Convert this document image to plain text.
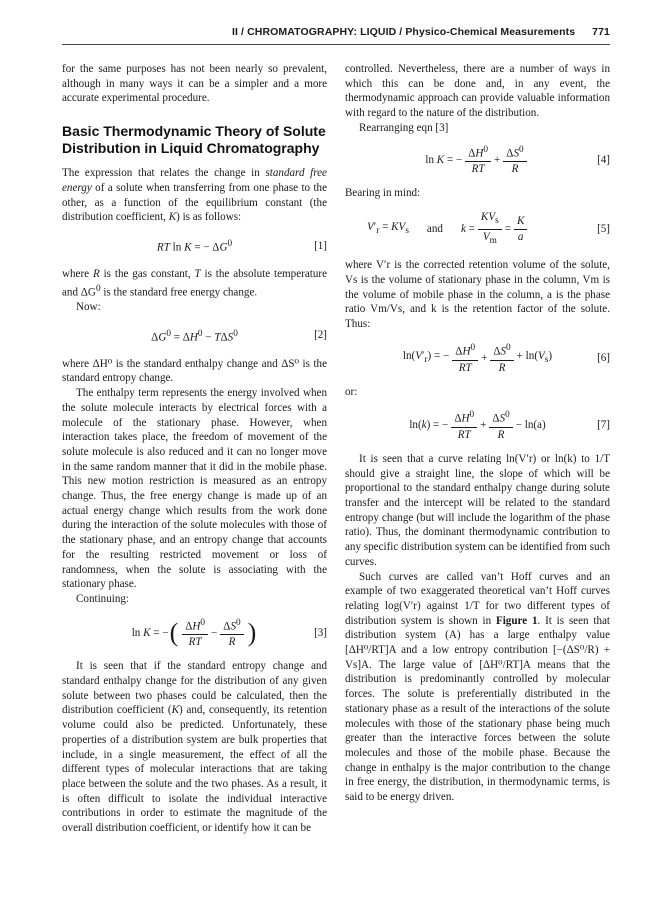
II / CHROMATOGRAPHY: LIQUID / Physico-Chemical Measurements 771

for the same purposes has not been nearly so prevalent, although in many ways it can be a simpler and a more accurate experimental procedure.

Basic Thermodynamic Theory of Solute Distribution in Liquid Chromatography

The expression that relates the change in standard free energy of a solute when transferring from one phase to the other, as a function of the equilibrium constant (the distribution coefficient, K) is as follows:

RT ln K = − $\Delta G^0$	[1]

where R is the gas constant, T is the absolute temperature and $\Delta G^0$ is the standard free energy change.

Now:

$\Delta G^0 = \Delta H^0 - T\Delta S^0$	[2]

where ΔH⁰ is the standard enthalpy change and ΔS⁰ is the standard entropy change.

The enthalpy term represents the energy involved when the solute molecule interacts by electrical forces with a molecule of the stationary phase. However, when interaction takes place, the freedom of movement of the solute molecule is also reduced and it can no longer move in the same random manner that it did in the mobile phase. This new motion restriction is measured as an entropy change. Thus, the free energy change is made up of an actual energy change which results from the work done during the interaction of the solute molecules with those of the stationary phase, and an entropy change that accounts for the resulting restricted movement or loss of randomness, when the solute is associating with the stationary phase.

Continuing:

ln K = − ( $\frac{\Delta H^0}{RT} - \frac{\Delta S^0}{R}$ )	[3]

It is seen that if the standard entropy change and standard enthalpy change for the distribution of any given solute between two phases could be calculated, then the distribution coefficient (K) and, consequently, its retention volume could also be predicted. Unfortunately, these properties of a distribution system are bulk properties that include, in a single measurement, the effect of all the different types of molecular interactions that are taking place between the solute and the two phases. As a result, it is often difficult to isolate the individual interactive contributions in order to estimate the magnitude of the overall distribution coefficient, or identify how it can be

controlled. Nevertheless, there are a number of ways in which this can be done and, in any event, the thermodynamic approach can provide valuable information with regard to the nature of the distribution.

Rearranging eqn [3]

ln K = − $\frac{\Delta H^0}{RT} + \frac{\Delta S^0}{R}$	[4]

Bearing in mind:

$V'_r = KV_s$ and $k = \frac{KV_s}{V_m} = \frac{K}{a}$	[5]

where V′r is the corrected retention volume of the solute, Vs is the volume of stationary phase in the column, Vm is the volume of mobile phase in the column, a is the phase ratio Vm/Vs, and k is the retention factor of the solute. Thus:

$\ln(V'_r)$ = − $\frac{\Delta H^0}{RT} + \frac{\Delta S^0}{R} + \ln(V_s)$	[6]

or:

ln(k) = − $\frac{\Delta H^0}{RT} + \frac{\Delta S^0}{R} - \ln(a)$	[7]

It is seen that a curve relating ln(V′r) or ln(k) to 1/T should give a straight line, the slope of which will be proportional to the standard enthalpy change during solute transfer and the intercept will be related to the standard entropy change (but will include the logarithm of the phase ratio). Thus, the dominant thermodynamic contribution to any specific distribution system can be identified from such curves.

Such curves are called van’t Hoff curves and an example of two exaggerated theoretical van’t Hoff curves relating log(V′r) against 1/T for two different types of distribution system is shown in Figure 1. It is seen that distribution system (A) has a large enthalpy value [ΔH⁰/RT]A and a low entropy contribution [−(ΔS⁰/R) + Vs]A. The large value of [ΔH⁰/RT]A means that the distribution is predominantly controlled by molecular forces. The solute is preferentially distributed in the stationary phase as a result of the interactions of the solute molecules with those of the stationary phase being much greater than the interactive forces between the solute molecules and those of the mobile phase. Because the change in enthalpy is the major contribution to the change in free energy, the distribution, in thermodynamic terms, is said to be energy driven.
